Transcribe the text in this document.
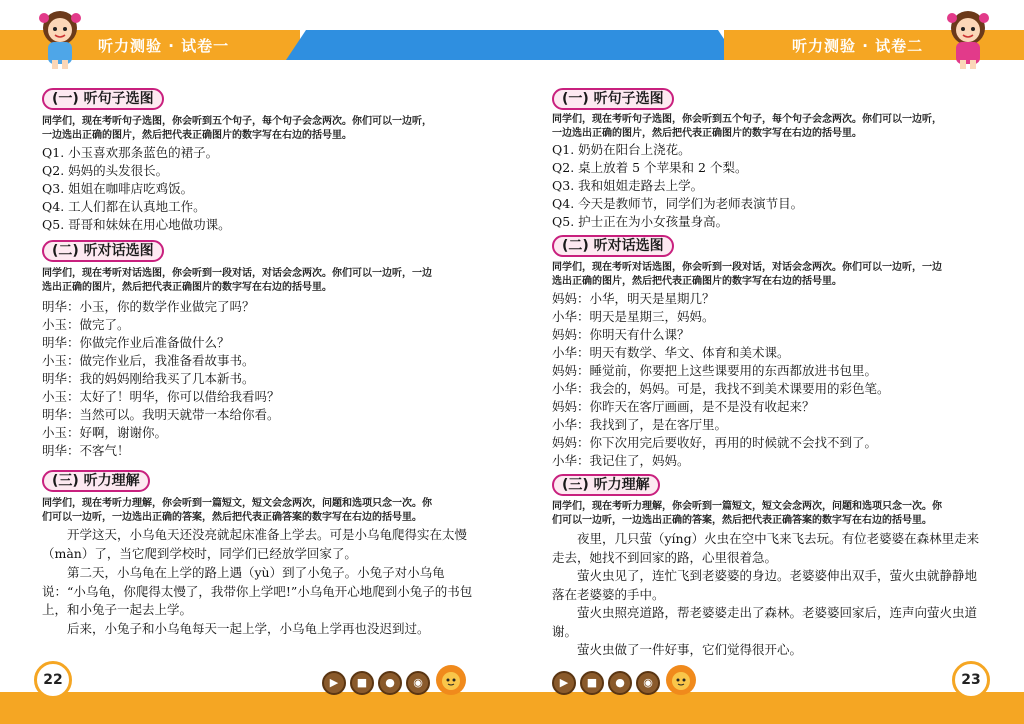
听力测验 · 试卷一
(一) 听句子选图
同学们，现在考听句子选图，你会听到五个句子，每个句子会念两次。你们可以一边听，
一边选出正确的图片，然后把代表正确图片的数字写在右边的括号里。
Q1. 小玉喜欢那条蓝色的裙子。
Q2. 妈妈的头发很长。
Q3. 姐姐在咖啡店吃鸡饭。
Q4. 工人们都在认真地工作。
Q5. 哥哥和妹妹在用心地做功课。
(二) 听对话选图
同学们，现在考听对话选图，你会听到一段对话，对话会念两次。你们可以一边听，一边
选出正确的图片，然后把代表正确图片的数字写在右边的括号里。
明华：小玉，你的数学作业做完了吗？
小玉：做完了。
明华：你做完作业后准备做什么？
小玉：做完作业后，我准备看故事书。
明华：我的妈妈刚给我买了几本新书。
小玉：太好了！明华，你可以借给我看吗？
明华：当然可以。我明天就带一本给你看。
小玉：好啊，谢谢你。
明华：不客气！
(三) 听力理解
同学们，现在考听力理解，你会听到一篇短文，短文会念两次，问题和选项只念一次。你
们可以一边听，一边选出正确的答案，然后把代表正确答案的数字写在右边的括号里。
开学这天，小乌龟天还没亮就起床准备上学去。可是小乌龟爬得实在太慢（màn）了，当它爬到学校时，同学们已经放学回家了。
第二天，小乌龟在上学的路上遇（yù）到了小兔子。小兔子对小乌龟说：“小乌龟，你爬得太慢了，我带你上学吧!”小乌龟开心地爬到小兔子的书包上，和小兔子一起去上学。
后来，小兔子和小乌龟每天一起上学，小乌龟上学再也没迟到过。
22	▶	■	●	◉
听力测验 · 试卷二
(一) 听句子选图
同学们，现在考听句子选图，你会听到五个句子，每个句子会念两次。你们可以一边听，
一边选出正确的图片，然后把代表正确图片的数字写在右边的括号里。
Q1. 奶奶在阳台上浇花。
Q2. 桌上放着 5 个苹果和 2 个梨。
Q3. 我和姐姐走路去上学。
Q4. 今天是教师节，同学们为老师表演节目。
Q5. 护士正在为小女孩量身高。
(二) 听对话选图
同学们，现在考听对话选图，你会听到一段对话，对话会念两次。你们可以一边听，一边
选出正确的图片，然后把代表正确图片的数字写在右边的括号里。
妈妈：小华，明天是星期几？
小华：明天是星期三，妈妈。
妈妈：你明天有什么课？
小华：明天有数学、华文、体育和美术课。
妈妈：睡觉前，你要把上这些课要用的东西都放进书包里。
小华：我会的，妈妈。可是，我找不到美术课要用的彩色笔。
妈妈：你昨天在客厅画画，是不是没有收起来？
小华：我找到了，是在客厅里。
妈妈：你下次用完后要收好，再用的时候就不会找不到了。
小华：我记住了，妈妈。
(三) 听力理解
同学们，现在考听力理解，你会听到一篇短文，短文会念两次，问题和选项只念一次。你
们可以一边听，一边选出正确的答案，然后把代表正确答案的数字写在右边的括号里。
夜里，几只萤（yíng）火虫在空中飞来飞去玩。有位老婆婆在森林里走来走去，她找不到回家的路，心里很着急。
萤火虫见了，连忙飞到老婆婆的身边。老婆婆伸出双手，萤火虫就静静地落在老婆婆的手中。
萤火虫照亮道路，帮老婆婆走出了森林。老婆婆回家后，连声向萤火虫道谢。
萤火虫做了一件好事，它们觉得很开心。
▶	■	●	◉	23
